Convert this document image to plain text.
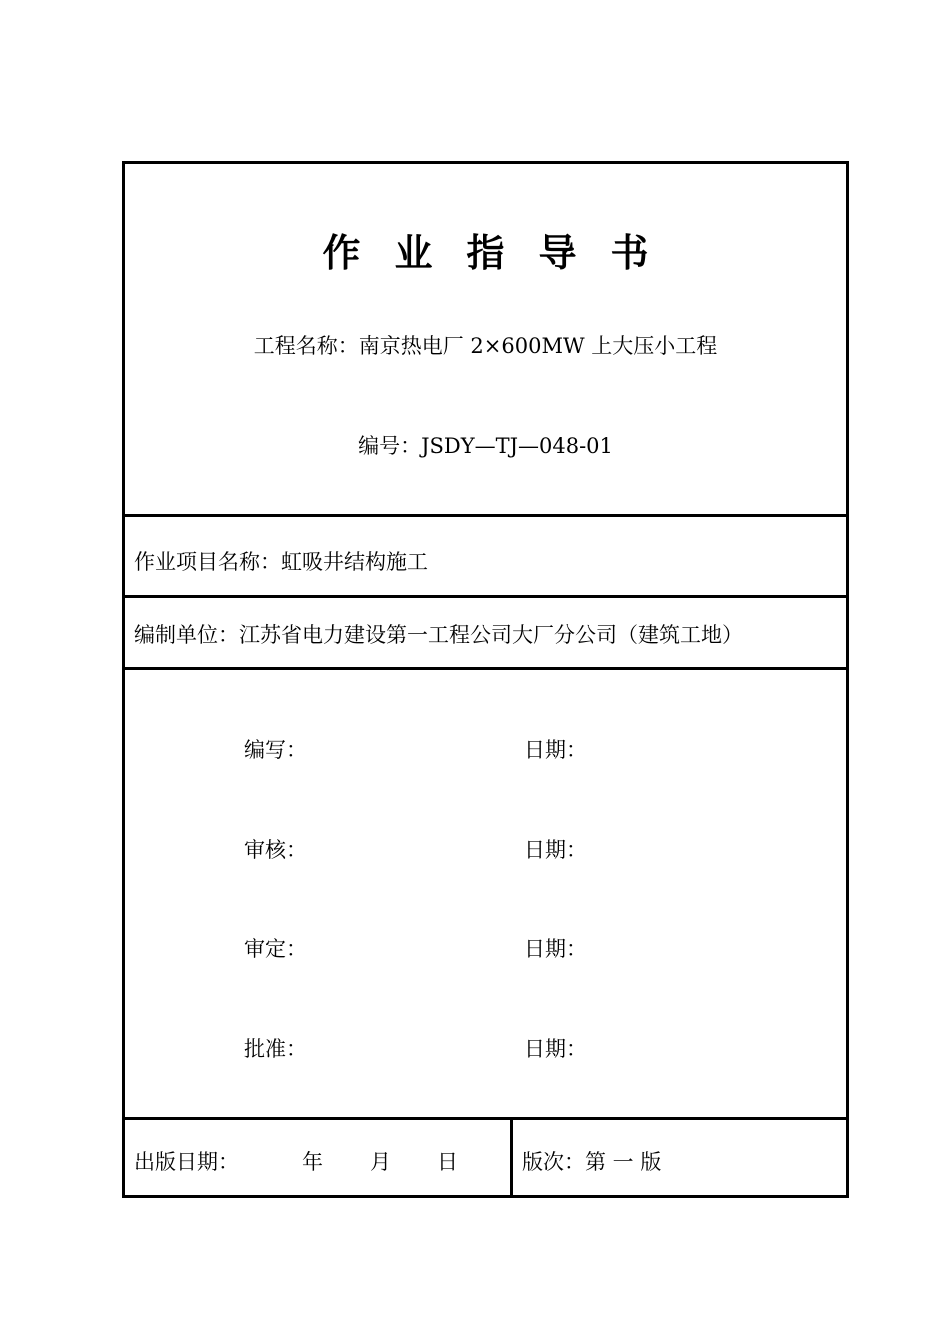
作业指导书
工程名称：南京热电厂 2×600MW 上大压小工程
编号：JSDY—TJ—048-01
作业项目名称：虹吸井结构施工
编制单位：江苏省电力建设第一工程公司大厂分公司（建筑工地）
编写：	日期：
审核：	日期：
审定：	日期：
批准：	日期：
出版日期：	年 月 日	版次：第 一 版
